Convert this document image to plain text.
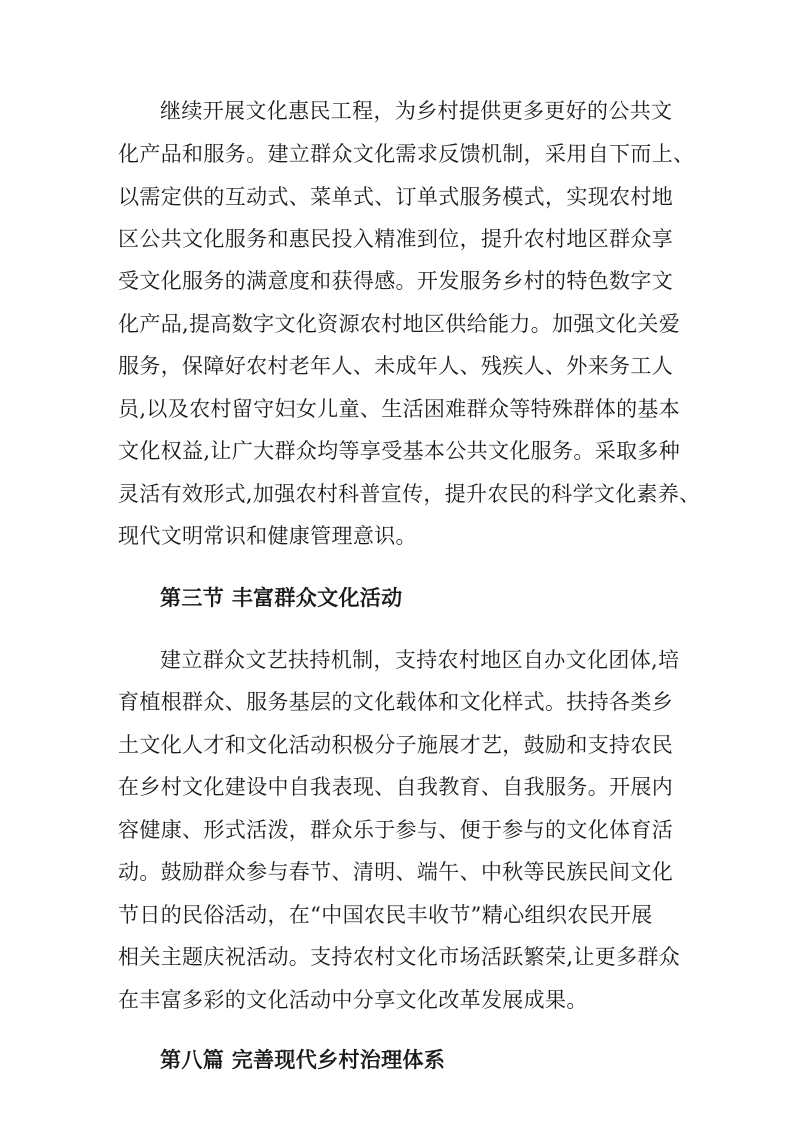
继续开展文化惠民工程，为乡村提供更多更好的公共文

化产品和服务。建立群众文化需求反馈机制，采用自下而上、

以需定供的互动式、菜单式、订单式服务模式，实现农村地

区公共文化服务和惠民投入精准到位，提升农村地区群众享

受文化服务的满意度和获得感。开发服务乡村的特色数字文

化产品,提高数字文化资源农村地区供给能力。加强文化关爱

服务，保障好农村老年人、未成年人、残疾人、外来务工人

员,以及农村留守妇女儿童、生活困难群众等特殊群体的基本

文化权益,让广大群众均等享受基本公共文化服务。采取多种

灵活有效形式,加强农村科普宣传，提升农民的科学文化素养、

现代文明常识和健康管理意识。

第三节 丰富群众文化活动

建立群众文艺扶持机制，支持农村地区自办文化团体,培

育植根群众、服务基层的文化载体和文化样式。扶持各类乡

土文化人才和文化活动积极分子施展才艺，鼓励和支持农民

在乡村文化建设中自我表现、自我教育、自我服务。开展内

容健康、形式活泼，群众乐于参与、便于参与的文化体育活

动。鼓励群众参与春节、清明、端午、中秋等民族民间文化

节日的民俗活动，在“中国农民丰收节”精心组织农民开展

相关主题庆祝活动。支持农村文化市场活跃繁荣,让更多群众

在丰富多彩的文化活动中分享文化改革发展成果。

第八篇 完善现代乡村治理体系
